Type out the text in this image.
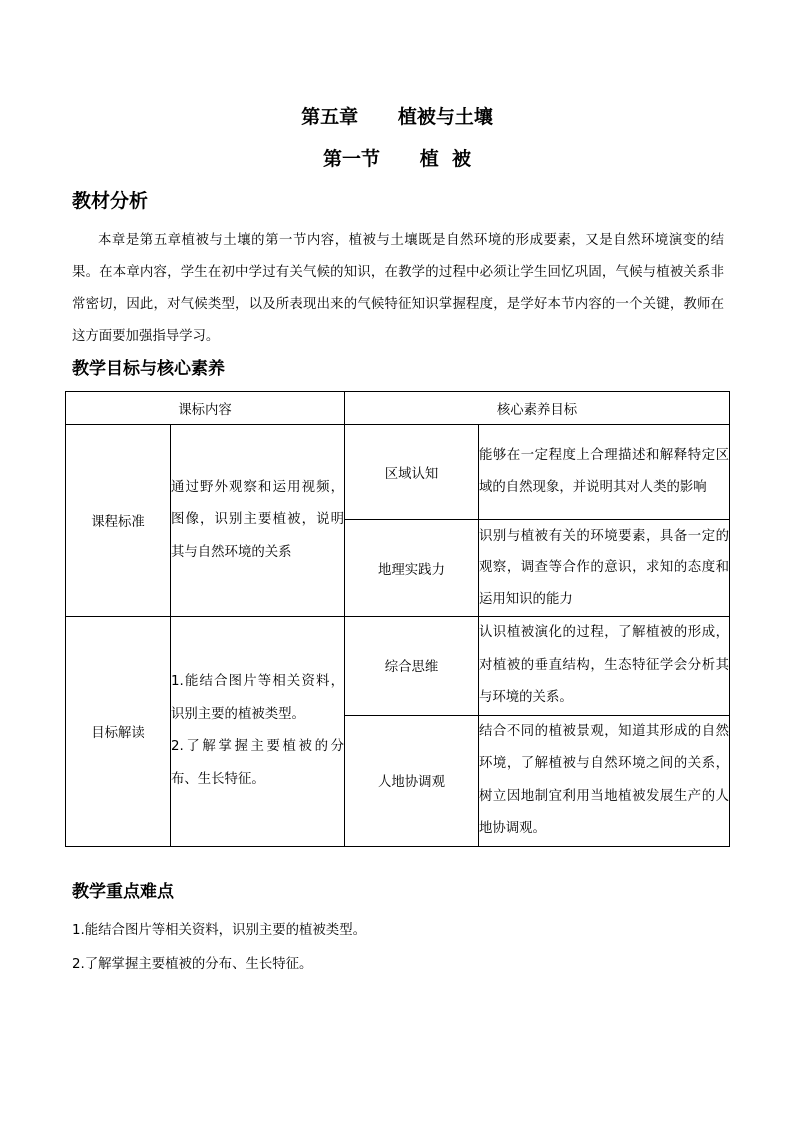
第五章      植被与土壤
第一节      植  被
教材分析
本章是第五章植被与土壤的第一节内容，植被与土壤既是自然环境的形成要素，又是自然环境演变的结果。在本章内容，学生在初中学过有关气候的知识，在教学的过程中必须让学生回忆巩固，气候与植被关系非常密切，因此，对气候类型，以及所表现出来的气候特征知识掌握程度，是学好本节内容的一个关键，教师在这方面要加强指导学习。
教学目标与核心素养
课标内容		核心素养目标	
课程标准	通过野外观察和运用视频，图像，识别主要植被，说明其与自然环境的关系	区域认知	能够在一定程度上合理描述和解释特定区域的自然现象，并说明其对人类的影响
		地理实践力	识别与植被有关的环境要素，具备一定的观察，调查等合作的意识，求知的态度和运用知识的能力
目标解读	1.能结合图片等相关资料，识别主要的植被类型。
2.了解掌握主要植被的分布、生长特征。	综合思维	认识植被演化的过程，了解植被的形成，对植被的垂直结构，生态特征学会分析其与环境的关系。
		人地协调观	结合不同的植被景观，知道其形成的自然环境，了解植被与自然环境之间的关系，树立因地制宜利用当地植被发展生产的人地协调观。
教学重点难点
1.能结合图片等相关资料，识别主要的植被类型。
2.了解掌握主要植被的分布、生长特征。
